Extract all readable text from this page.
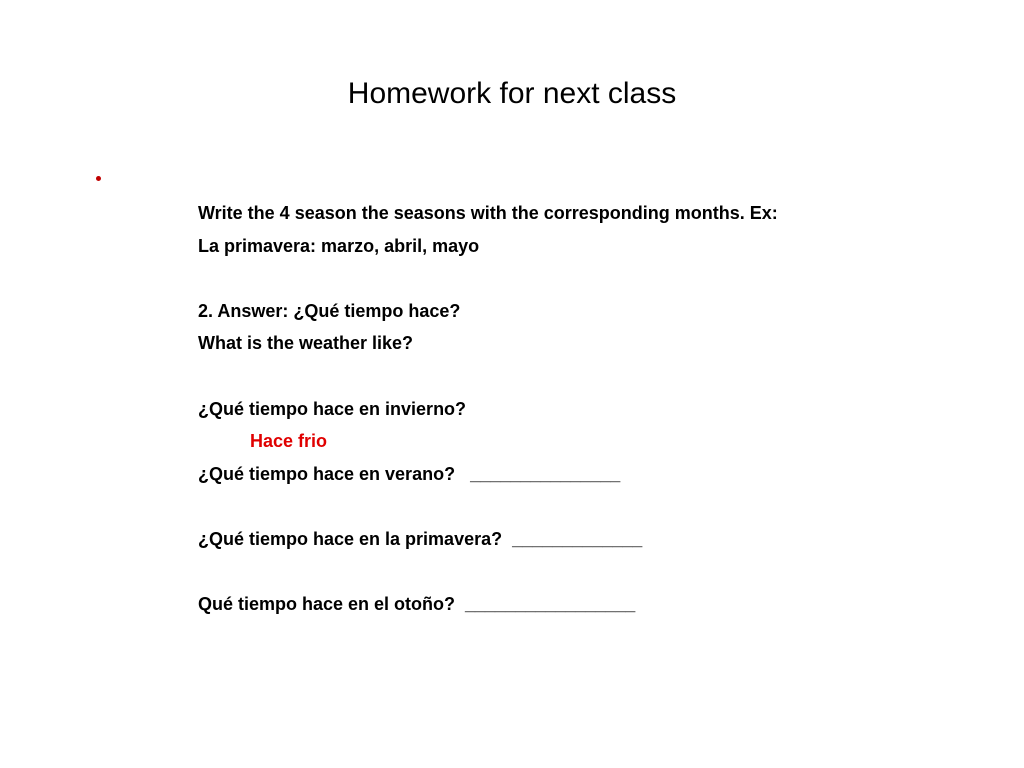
Homework for next class
Write the 4 season the seasons with the corresponding months. Ex:
La primavera: marzo, abril, mayo
2. Answer: ¿Qué tiempo hace?
What is the weather like?
¿Qué tiempo hace en invierno?
Hace frio
¿Qué tiempo hace en verano?   _______________
¿Qué tiempo hace en la primavera?  _____________
Qué tiempo hace en el otoño?  _________________
